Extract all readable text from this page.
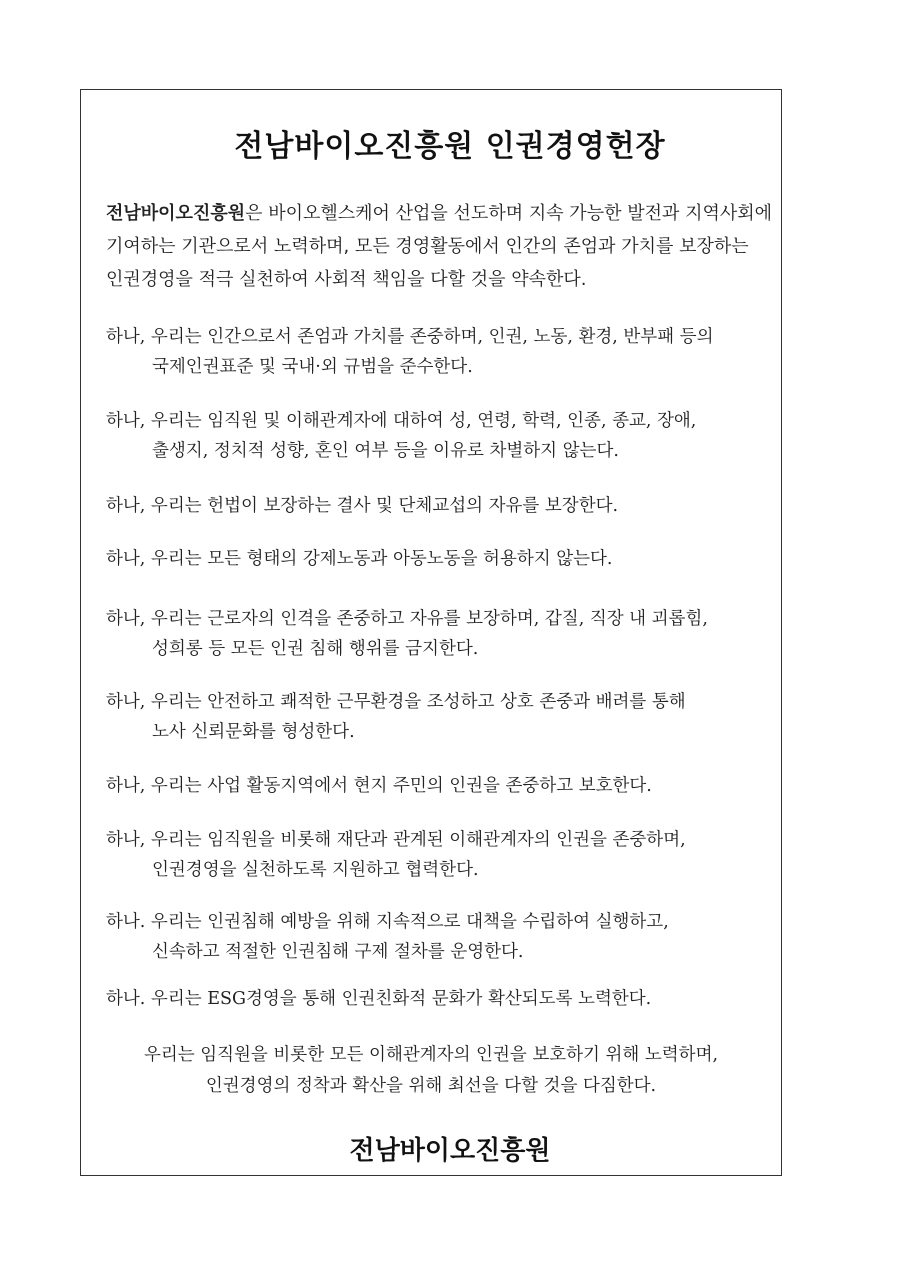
전남바이오진흥원 인권경영헌장

전남바이오진흥원은 바이오헬스케어 산업을 선도하며 지속 가능한 발전과 지역사회에
기여하는 기관으로서 노력하며, 모든 경영활동에서 인간의 존엄과 가치를 보장하는
인권경영을 적극 실천하여 사회적 책임을 다할 것을 약속한다.

하나, 우리는 인간으로서 존엄과 가치를 존중하며, 인권, 노동, 환경, 반부패 등의
국제인권표준 및 국내·외 규범을 준수한다.
하나, 우리는 임직원 및 이해관계자에 대하여 성, 연령, 학력, 인종, 종교, 장애,
출생지, 정치적 성향, 혼인 여부 등을 이유로 차별하지 않는다.
하나, 우리는 헌법이 보장하는 결사 및 단체교섭의 자유를 보장한다.
하나, 우리는 모든 형태의 강제노동과 아동노동을 허용하지 않는다.
하나, 우리는 근로자의 인격을 존중하고 자유를 보장하며, 갑질, 직장 내 괴롭힘,
성희롱 등 모든 인권 침해 행위를 금지한다.
하나, 우리는 안전하고 쾌적한 근무환경을 조성하고 상호 존중과 배려를 통해
노사 신뢰문화를 형성한다.
하나, 우리는 사업 활동지역에서 현지 주민의 인권을 존중하고 보호한다.
하나, 우리는 임직원을 비롯해 재단과 관계된 이해관계자의 인권을 존중하며,
인권경영을 실천하도록 지원하고 협력한다.
하나. 우리는 인권침해 예방을 위해 지속적으로 대책을 수립하여 실행하고,
신속하고 적절한 인권침해 구제 절차를 운영한다.
하나. 우리는 ESG경영을 통해 인권친화적 문화가 확산되도록 노력한다.

우리는 임직원을 비롯한 모든 이해관계자의 인권을 보호하기 위해 노력하며,
인권경영의 정착과 확산을 위해 최선을 다할 것을 다짐한다.

전남바이오진흥원
